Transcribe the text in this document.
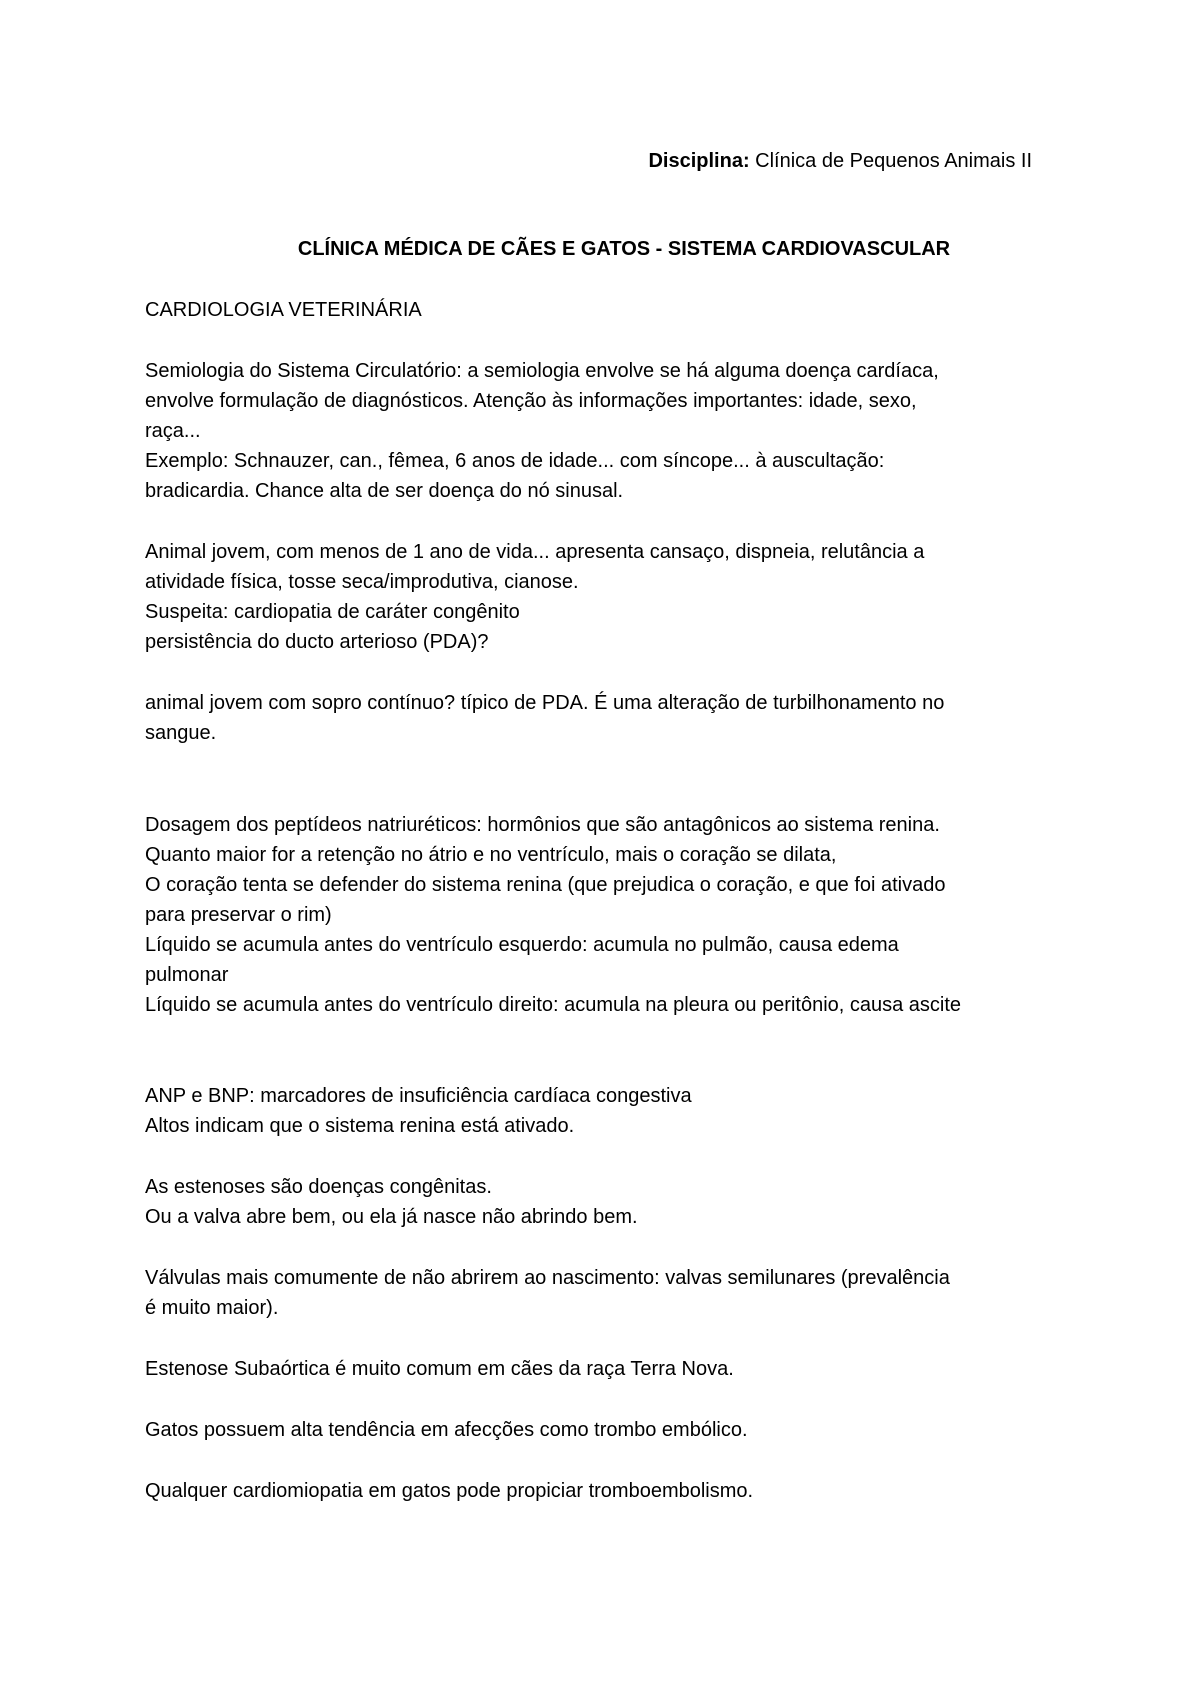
Disciplina: Clínica de Pequenos Animais II
CLÍNICA MÉDICA DE CÃES E GATOS - SISTEMA CARDIOVASCULAR
CARDIOLOGIA VETERINÁRIA
Semiologia do Sistema Circulatório: a semiologia envolve se há alguma doença cardíaca,
envolve formulação de diagnósticos. Atenção às informações importantes: idade, sexo,
raça...
Exemplo: Schnauzer, can., fêmea, 6 anos de idade... com síncope... à auscultação:
bradicardia. Chance alta de ser doença do nó sinusal.
Animal jovem, com menos de 1 ano de vida... apresenta cansaço, dispneia, relutância a
atividade física, tosse seca/improdutiva, cianose.
Suspeita: cardiopatia de caráter congênito
persistência do ducto arterioso (PDA)?
animal jovem com sopro contínuo? típico de PDA. É uma alteração de turbilhonamento no
sangue.
Dosagem dos peptídeos natriuréticos: hormônios que são antagônicos ao sistema renina.
Quanto maior for a retenção no átrio e no ventrículo, mais o coração se dilata,
O coração tenta se defender do sistema renina (que prejudica o coração, e que foi ativado
para preservar o rim)
Líquido se acumula antes do ventrículo esquerdo: acumula no pulmão, causa edema
pulmonar
Líquido se acumula antes do ventrículo direito: acumula na pleura ou peritônio, causa ascite
ANP e BNP: marcadores de insuficiência cardíaca congestiva
Altos indicam que o sistema renina está ativado.
As estenoses são doenças congênitas.
Ou a valva abre bem, ou ela já nasce não abrindo bem.
Válvulas mais comumente de não abrirem ao nascimento: valvas semilunares (prevalência
é muito maior).
Estenose Subaórtica é muito comum em cães da raça Terra Nova.
Gatos possuem alta tendência em afecções como trombo embólico.
Qualquer cardiomiopatia em gatos pode propiciar tromboembolismo.
